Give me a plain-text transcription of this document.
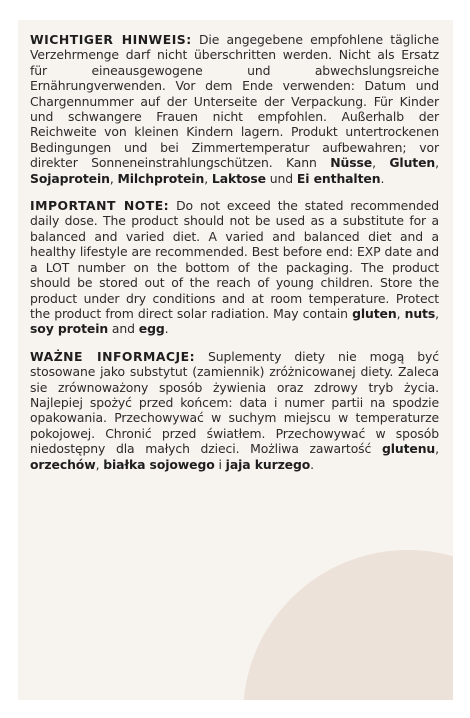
WICHTIGER HINWEIS: Die angegebene empfohlene tägliche Verzehrmenge darf nicht überschritten werden. Nicht als Ersatz für eineausgewogene und abwechslungsreiche Ernährungverwenden. Vor dem Ende verwenden: Datum und Chargennummer auf der Unterseite der Verpackung. Für Kinder und schwangere Frauen nicht empfohlen. Außerhalb der Reichweite von kleinen Kindern lagern. Produkt untertrockenen Bedingungen und bei Zimmertemperatur aufbewahren; vor direkter Sonneneinstrahlungschützen. Kann Nüsse, Gluten, Sojaprotein, Milchprotein, Laktose und Ei enthalten.

IMPORTANT NOTE: Do not exceed the stated recommended daily dose. The product should not be used as a substitute for a balanced and varied diet. A varied and balanced diet and a healthy lifestyle are recommended. Best before end: EXP date and a LOT number on the bottom of the packaging. The product should be stored out of the reach of young children. Store the product under dry conditions and at room temperature. Protect the product from direct solar radiation. May contain gluten, nuts, soy protein and egg.

WAŻNE INFORMACJE: Suplementy diety nie mogą być stosowane jako substytut (zamiennik) zróżnicowanej diety. Zaleca sie zrównoważony sposób żywienia oraz zdrowy tryb życia. Najlepiej spożyć przed końcem: data i numer partii na spodzie opakowania. Przechowywać w suchym miejscu w temperaturze pokojowej. Chronić przed światłem. Przechowywać w sposób niedostępny dla małych dzieci. Możliwa zawartość glutenu, orzechów, białka sojowego i jaja kurzego.
